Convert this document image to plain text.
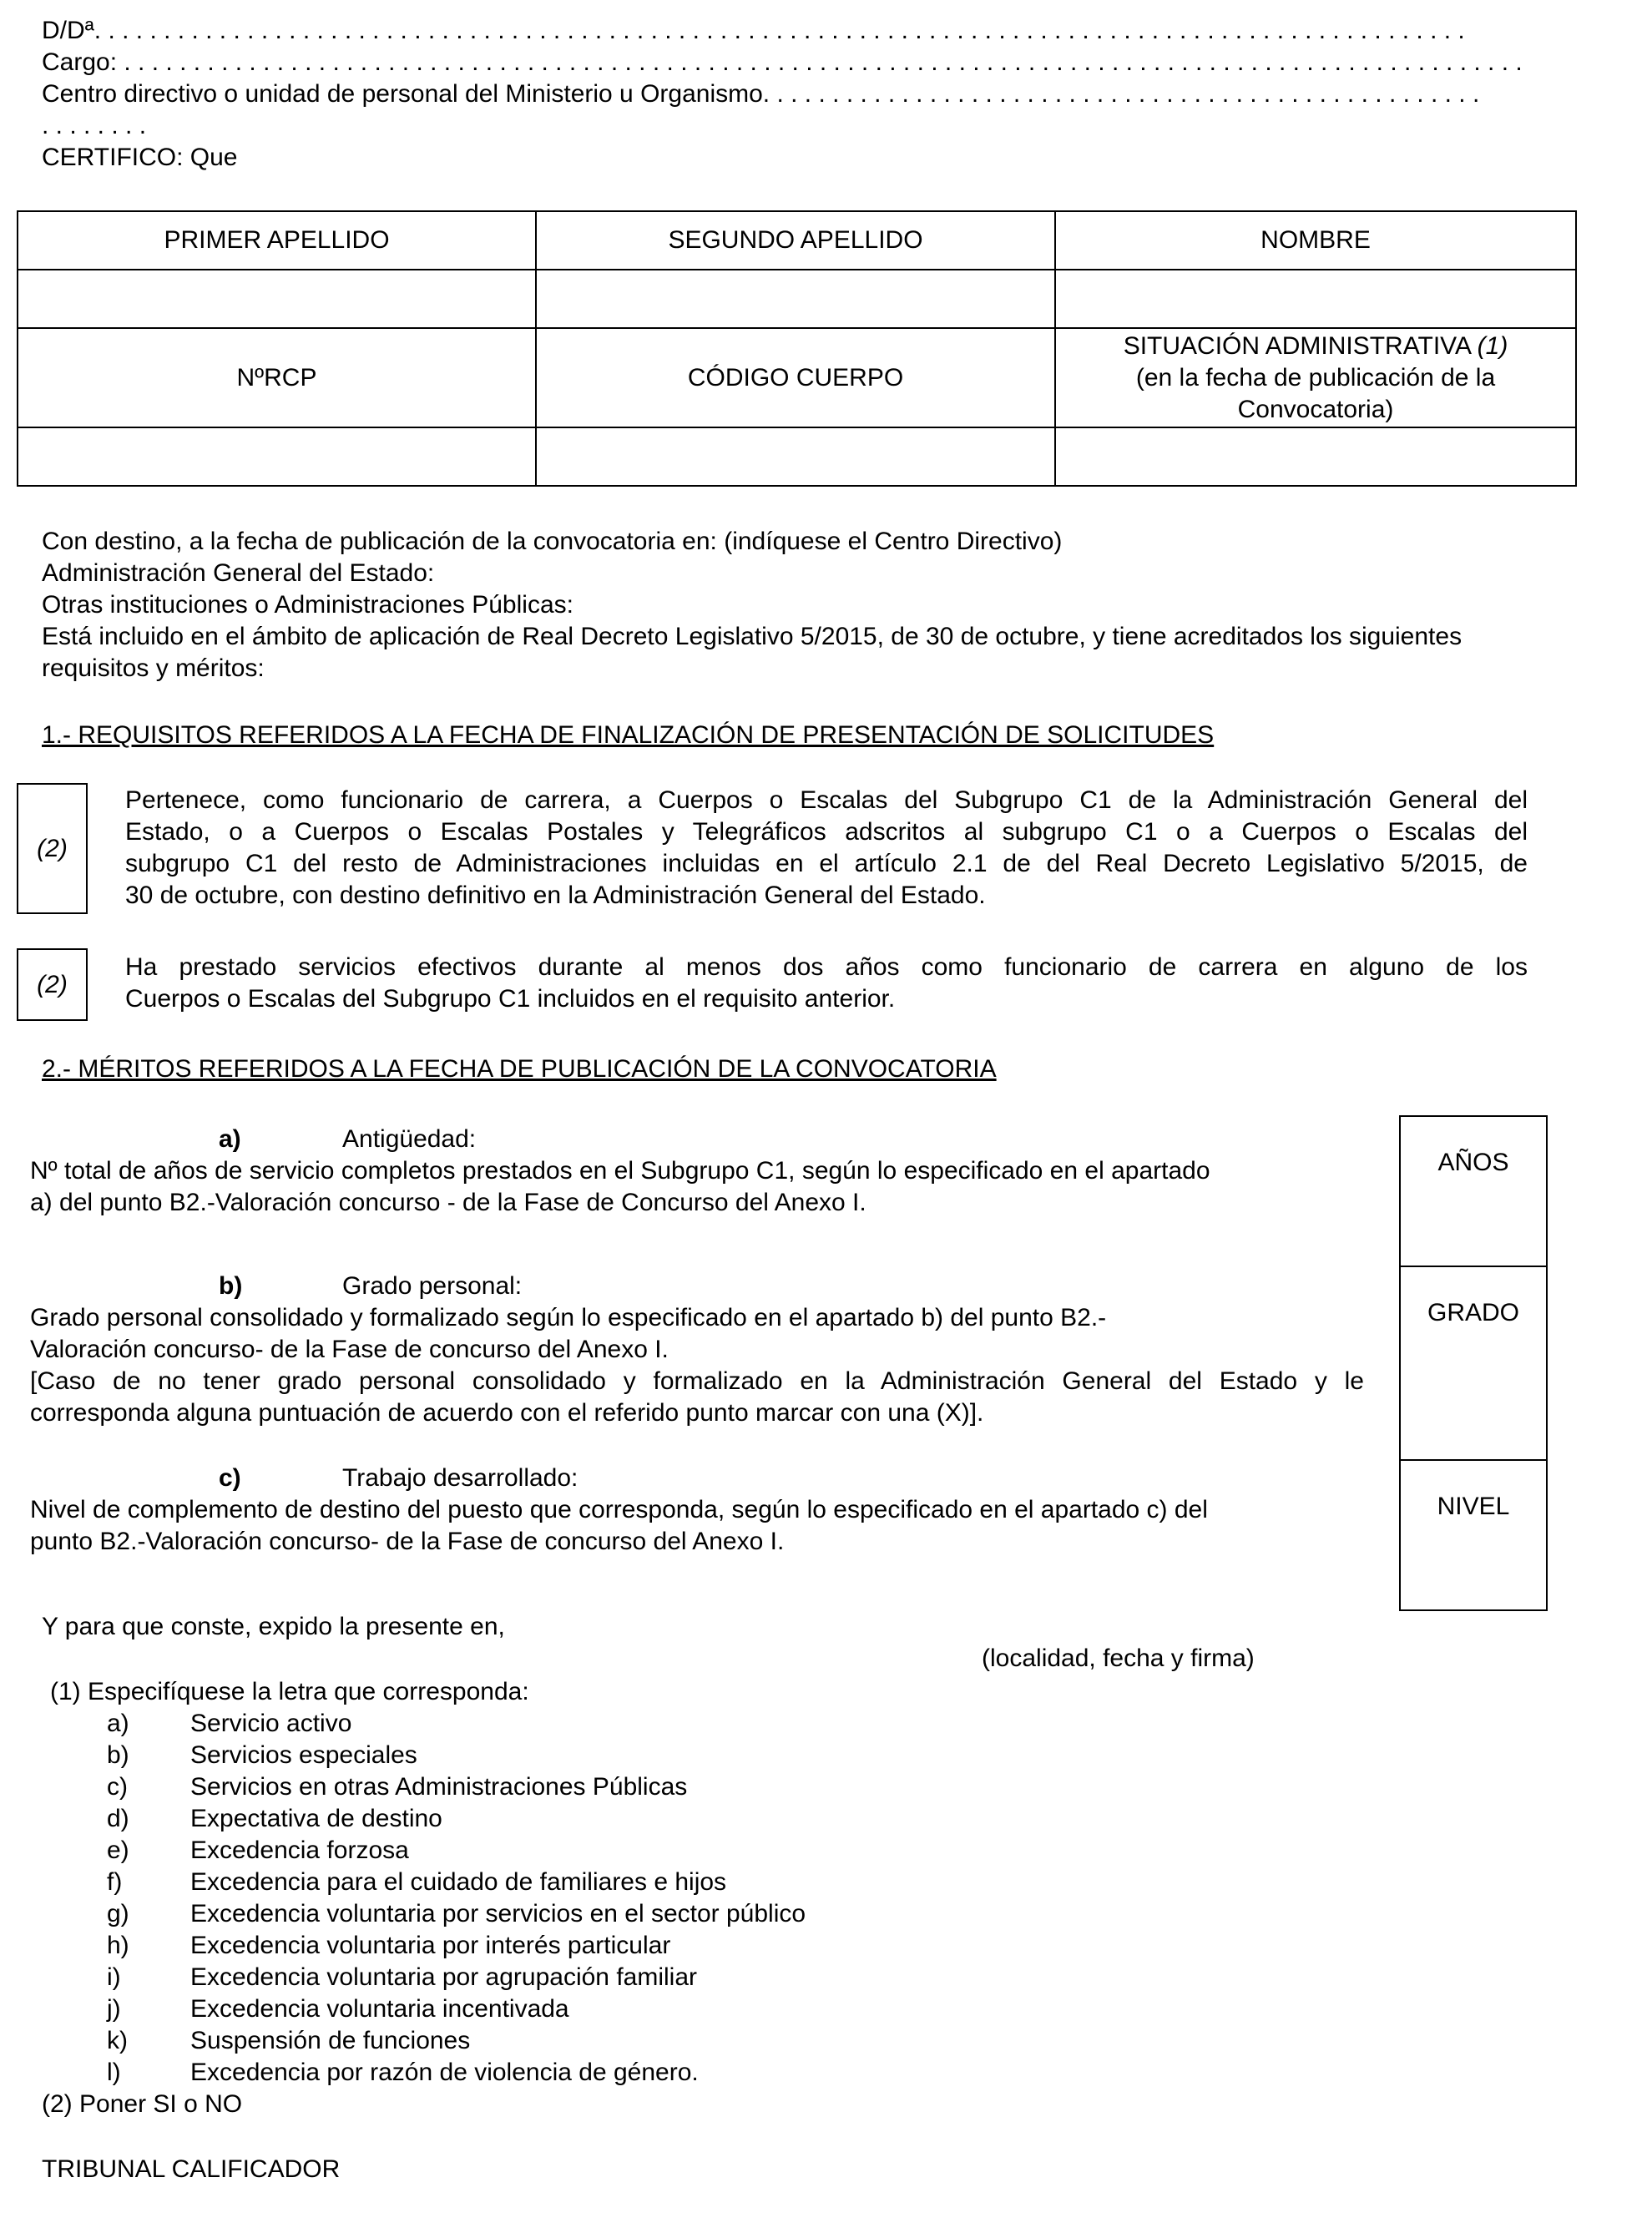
D/Dª. . . . . . . . . . . . . . . . . . . . . . . . . . . . . . . . . . . . . . . . . . . . . . . . . . . . . . . . . . . . . . . . . . . . . . . . . . . . . . . . . . . . . . . . . . . . . . . . . . .
Cargo: . . . . . . . . . . . . . . . . . . . . . . . . . . . . . . . . . . . . . . . . . . . . . . . . . . . . . . . . . . . . . . . . . . . . . . . . . . . . . . . . . . . . . . . . . . . . . . . . . . . . .
Centro directivo o unidad de personal del Ministerio u Organismo. . . . . . . . . . . . . . . . . . . . . . . . . . . . . . . . . . . . . . . . . . . . . . . . . . . .
. . . . . . . .
CERTIFICO: Que
PRIMER APELLIDO	SEGUNDO APELLIDO	NOMBRE

NºRCP	CÓDIGO CUERPO	SITUACIÓN ADMINISTRATIVA (1)
(en la fecha de publicación de la
Convocatoria)

Con destino, a la fecha de publicación de la convocatoria en: (indíquese el Centro Directivo)
Administración General del Estado:
Otras instituciones o Administraciones Públicas:
Está incluido en el ámbito de aplicación de Real Decreto Legislativo 5/2015, de 30 de octubre, y tiene acreditados los siguientes
requisitos y méritos:
1.- REQUISITOS REFERIDOS A LA FECHA DE FINALIZACIÓN DE PRESENTACIÓN DE SOLICITUDES
(2)
Pertenece, como funcionario de carrera, a Cuerpos o Escalas del Subgrupo C1 de la Administración General del
Estado, o a Cuerpos o Escalas Postales y Telegráficos adscritos al subgrupo C1 o a Cuerpos o Escalas del
subgrupo C1 del resto de Administraciones incluidas en el artículo 2.1 de del Real Decreto Legislativo 5/2015, de
30 de octubre, con destino definitivo en la Administración General del Estado.
(2)
Ha prestado servicios efectivos durante al menos dos años como funcionario de carrera en alguno de los
Cuerpos o Escalas del Subgrupo C1 incluidos en el requisito anterior.
2.- MÉRITOS REFERIDOS A LA FECHA DE PUBLICACIÓN DE LA CONVOCATORIA
a)	Antigüedad:
Nº total de años de servicio completos prestados en el Subgrupo C1, según lo especificado en el apartado
a) del punto B2.-Valoración concurso - de la Fase de Concurso del Anexo I.
b)	Grado personal:
Grado personal consolidado y formalizado según lo especificado en el apartado b) del punto B2.-
Valoración concurso- de la Fase de concurso del Anexo I.
[Caso de no tener grado personal consolidado y formalizado en la Administración General del Estado y le
corresponda alguna puntuación de acuerdo con el referido punto marcar con una (X)].
c)	Trabajo desarrollado:
Nivel de complemento de destino del puesto que corresponda, según lo especificado en el apartado c) del
punto B2.-Valoración concurso- de la Fase de concurso del Anexo I.
AÑOS
GRADO
NIVEL
Y para que conste, expido la presente en,
(localidad, fecha y firma)
(1) Especifíquese la letra que corresponda:
a) Servicio activo
b) Servicios especiales
c)	Servicios en otras Administraciones Públicas
d) Expectativa de destino
e) Excedencia forzosa
f)	Excedencia para el cuidado de familiares e hijos
g) Excedencia voluntaria por servicios en el sector público
h) Excedencia voluntaria por interés particular
i)	Excedencia voluntaria por agrupación familiar
j)	Excedencia voluntaria incentivada
k)	Suspensión de funciones
l)	Excedencia por razón de violencia de género.
(2) Poner SI o NO
TRIBUNAL CALIFICADOR
